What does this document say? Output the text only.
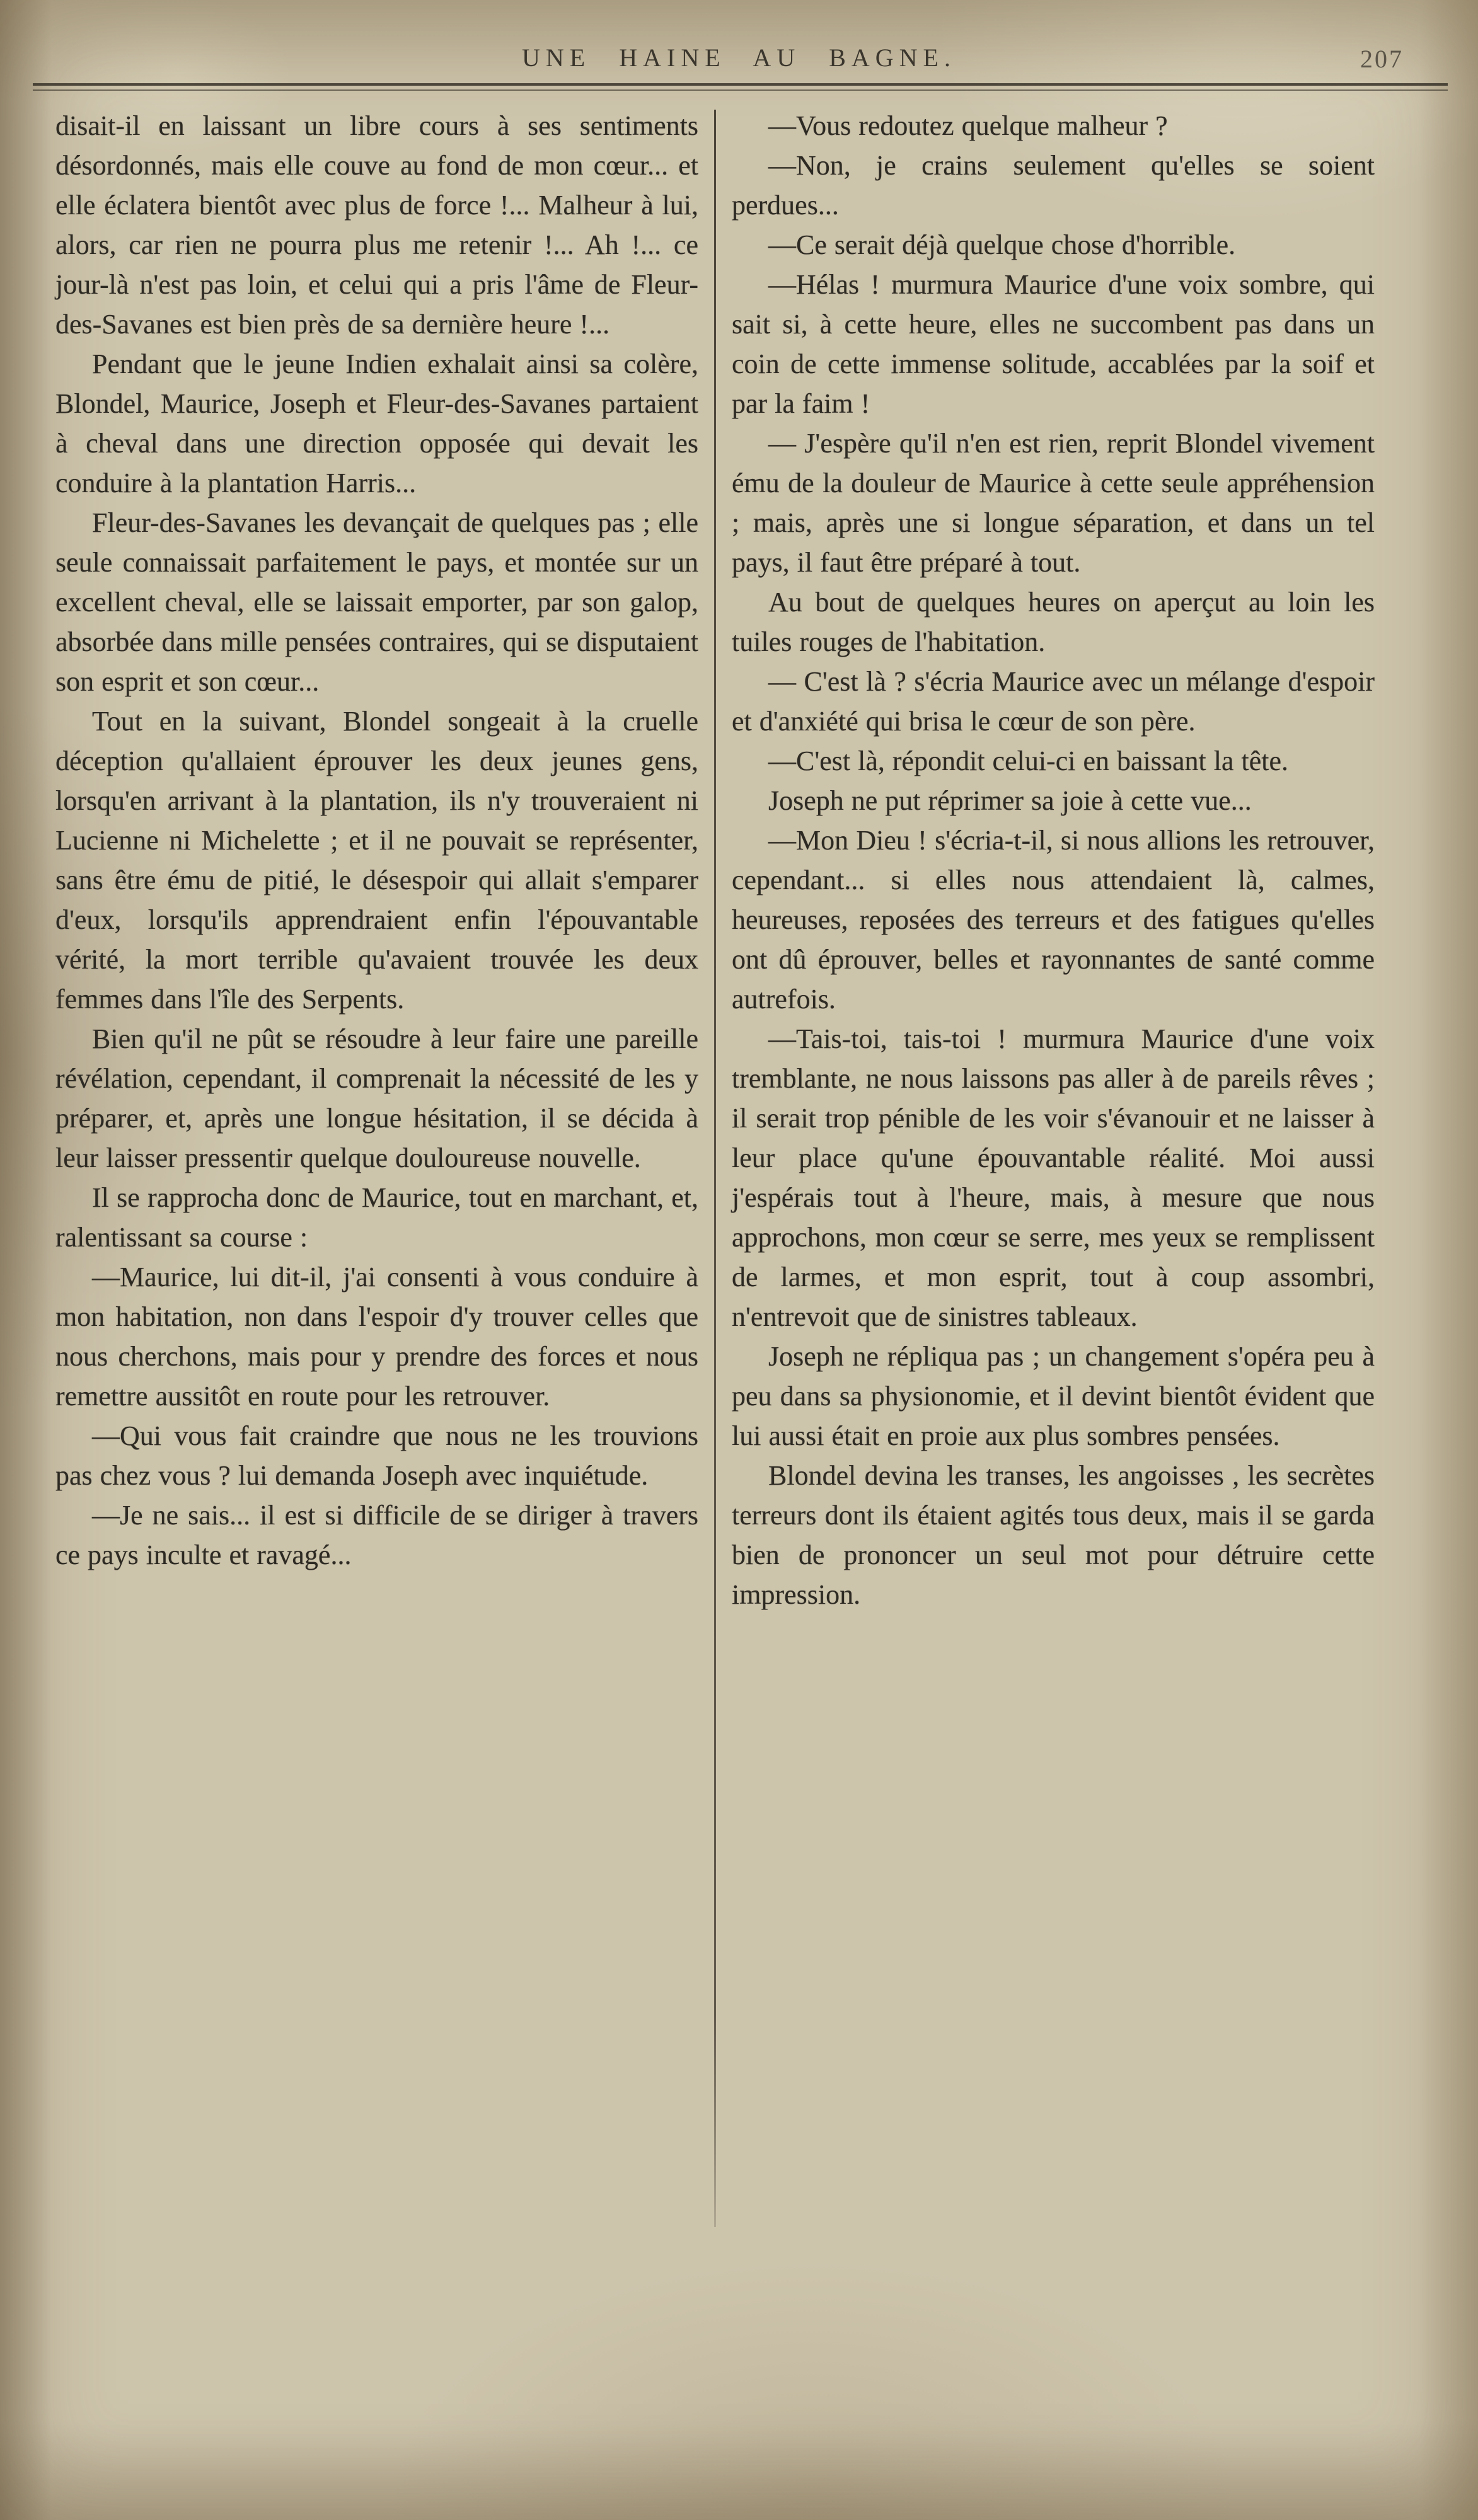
UNE HAINE AU BAGNE.	207

disait-il en laissant un libre cours à ses sentiments désordonnés, mais elle couve au fond de mon cœur... et elle éclatera bientôt avec plus de force !... Malheur à lui, alors, car rien ne pourra plus me retenir !... Ah !... ce jour-là n'est pas loin, et celui qui a pris l'âme de Fleur-des-Savanes est bien près de sa dernière heure !...

Pendant que le jeune Indien exhalait ainsi sa colère, Blondel, Maurice, Joseph et Fleur-des-Savanes partaient à cheval dans une direction opposée qui devait les conduire à la plantation Harris...

Fleur-des-Savanes les devançait de quelques pas ; elle seule connaissait parfaitement le pays, et montée sur un excellent cheval, elle se laissait emporter, par son galop, absorbée dans mille pensées contraires, qui se disputaient son esprit et son cœur...

Tout en la suivant, Blondel songeait à la cruelle déception qu'allaient éprouver les deux jeunes gens, lorsqu'en arrivant à la plantation, ils n'y trouveraient ni Lucienne ni Michelette ; et il ne pouvait se représenter, sans être ému de pitié, le désespoir qui allait s'emparer d'eux, lorsqu'ils apprendraient enfin l'épouvantable vérité, la mort terrible qu'avaient trouvée les deux femmes dans l'île des Serpents.

Bien qu'il ne pût se résoudre à leur faire une pareille révélation, cependant, il comprenait la nécessité de les y préparer, et, après une longue hésitation, il se décida à leur laisser pressentir quelque douloureuse nouvelle.

Il se rapprocha donc de Maurice, tout en marchant, et, ralentissant sa course :

—Maurice, lui dit-il, j'ai consenti à vous conduire à mon habitation, non dans l'espoir d'y trouver celles que nous cherchons, mais pour y prendre des forces et nous remettre aussitôt en route pour les retrouver.

—Qui vous fait craindre que nous ne les trouvions pas chez vous ? lui demanda Joseph avec inquiétude.

—Je ne sais... il est si difficile de se diriger à travers ce pays inculte et ravagé...

—Vous redoutez quelque malheur ?

—Non, je crains seulement qu'elles se soient perdues...

—Ce serait déjà quelque chose d'horrible.

—Hélas ! murmura Maurice d'une voix sombre, qui sait si, à cette heure, elles ne succombent pas dans un coin de cette immense solitude, accablées par la soif et par la faim !

— J'espère qu'il n'en est rien, reprit Blondel vivement ému de la douleur de Maurice à cette seule appréhension ; mais, après une si longue séparation, et dans un tel pays, il faut être préparé à tout.

Au bout de quelques heures on aperçut au loin les tuiles rouges de l'habitation.

— C'est là ? s'écria Maurice avec un mélange d'espoir et d'anxiété qui brisa le cœur de son père.

—C'est là, répondit celui-ci en baissant la tête.

Joseph ne put réprimer sa joie à cette vue...

—Mon Dieu ! s'écria-t-il, si nous allions les retrouver, cependant... si elles nous attendaient là, calmes, heureuses, reposées des terreurs et des fatigues qu'elles ont dû éprouver, belles et rayonnantes de santé comme autrefois.

—Tais-toi, tais-toi ! murmura Maurice d'une voix tremblante, ne nous laissons pas aller à de pareils rêves ; il serait trop pénible de les voir s'évanouir et ne laisser à leur place qu'une épouvantable réalité. Moi aussi j'espérais tout à l'heure, mais, à mesure que nous approchons, mon cœur se serre, mes yeux se remplissent de larmes, et mon esprit, tout à coup assombri, n'entrevoit que de sinistres tableaux.

Joseph ne répliqua pas ; un changement s'opéra peu à peu dans sa physionomie, et il devint bientôt évident que lui aussi était en proie aux plus sombres pensées.

Blondel devina les transes, les angoisses , les secrètes terreurs dont ils étaient agités tous deux, mais il se garda bien de prononcer un seul mot pour détruire cette impression.
